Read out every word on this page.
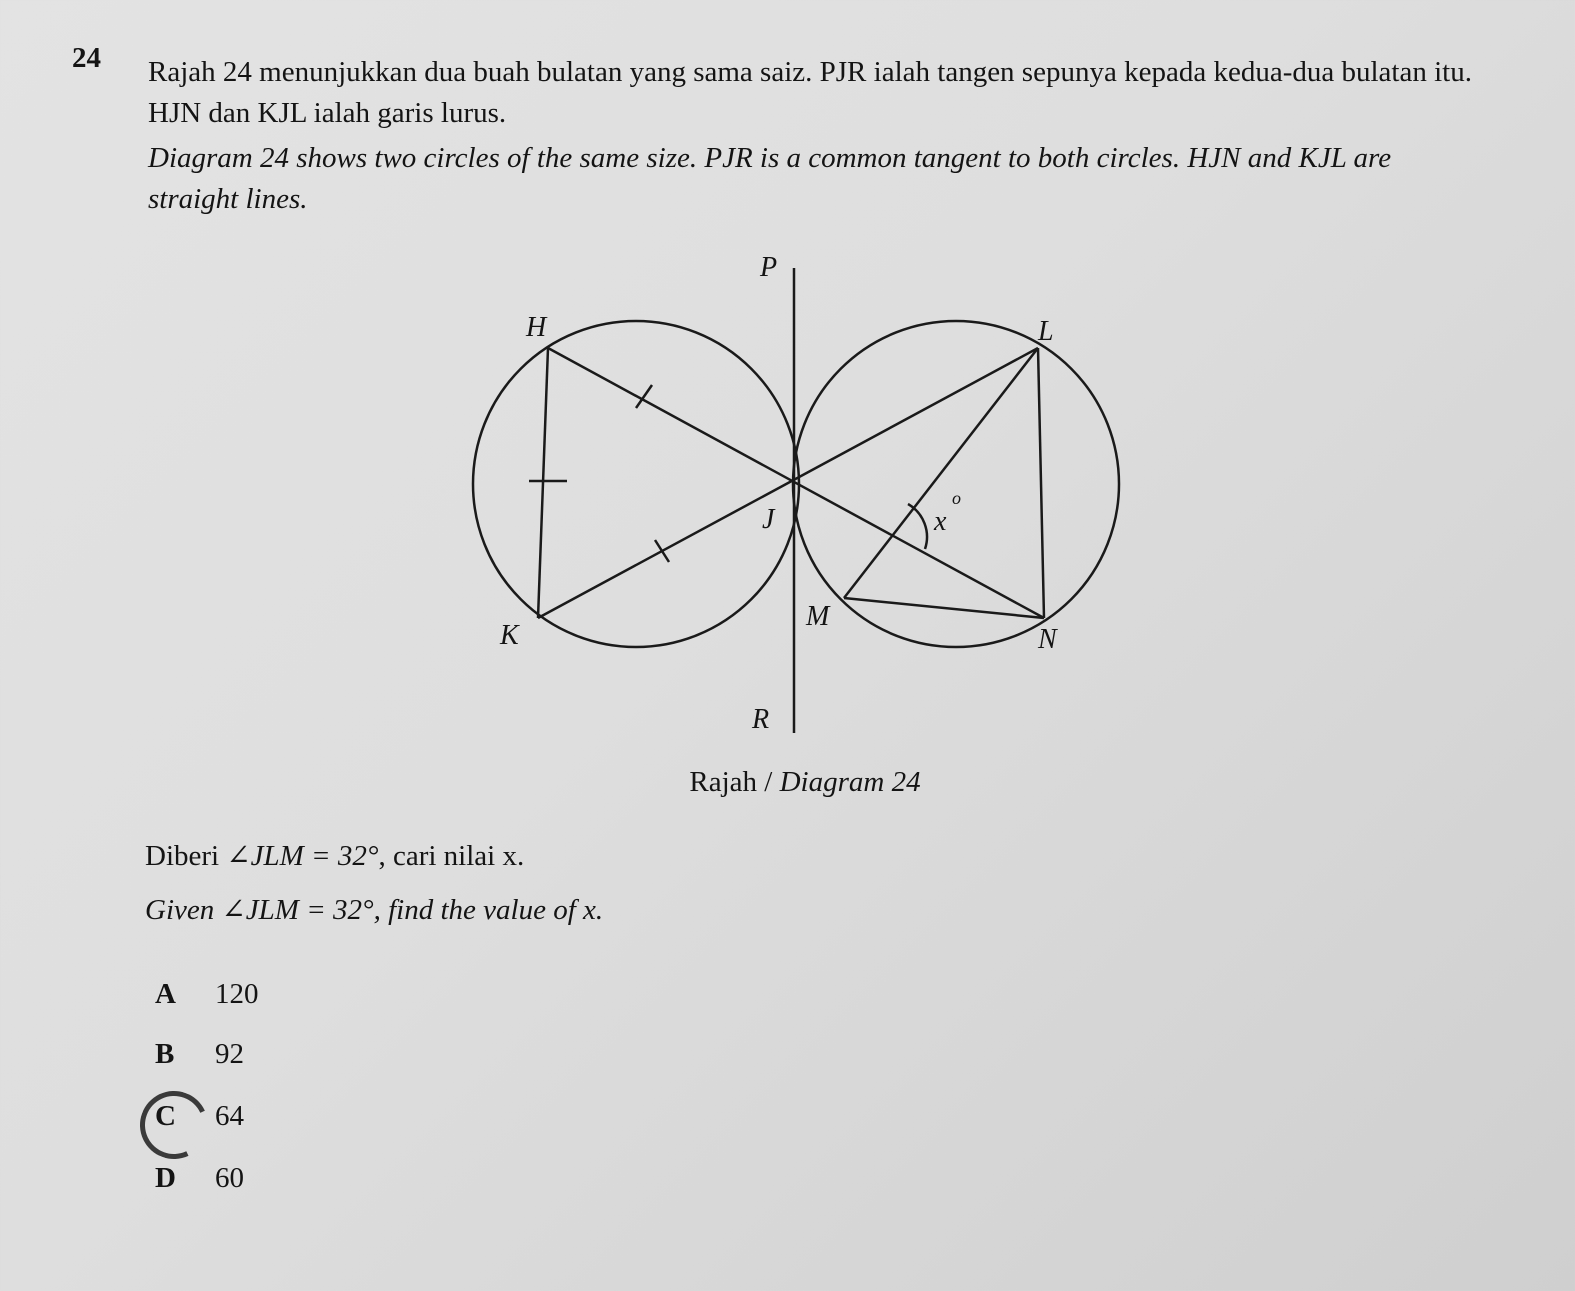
24 Rajah 24 menunjukkan dua buah bulatan yang sama saiz. PJR ialah tangen sepunya kepada kedua-dua bulatan itu. HJN dan KJL ialah garis lurus.

Diagram 24 shows two circles of the same size. PJR is a common tangent to both circles. HJN and KJL are straight lines.

P
H	L
J	x
o
M
K	N
R
Rajah / Diagram 24
Diberi ∠JLM = 32°, cari nilai x.
Given ∠JLM = 32°, find the value of x.
A 120
B 92
C 64
D 60
